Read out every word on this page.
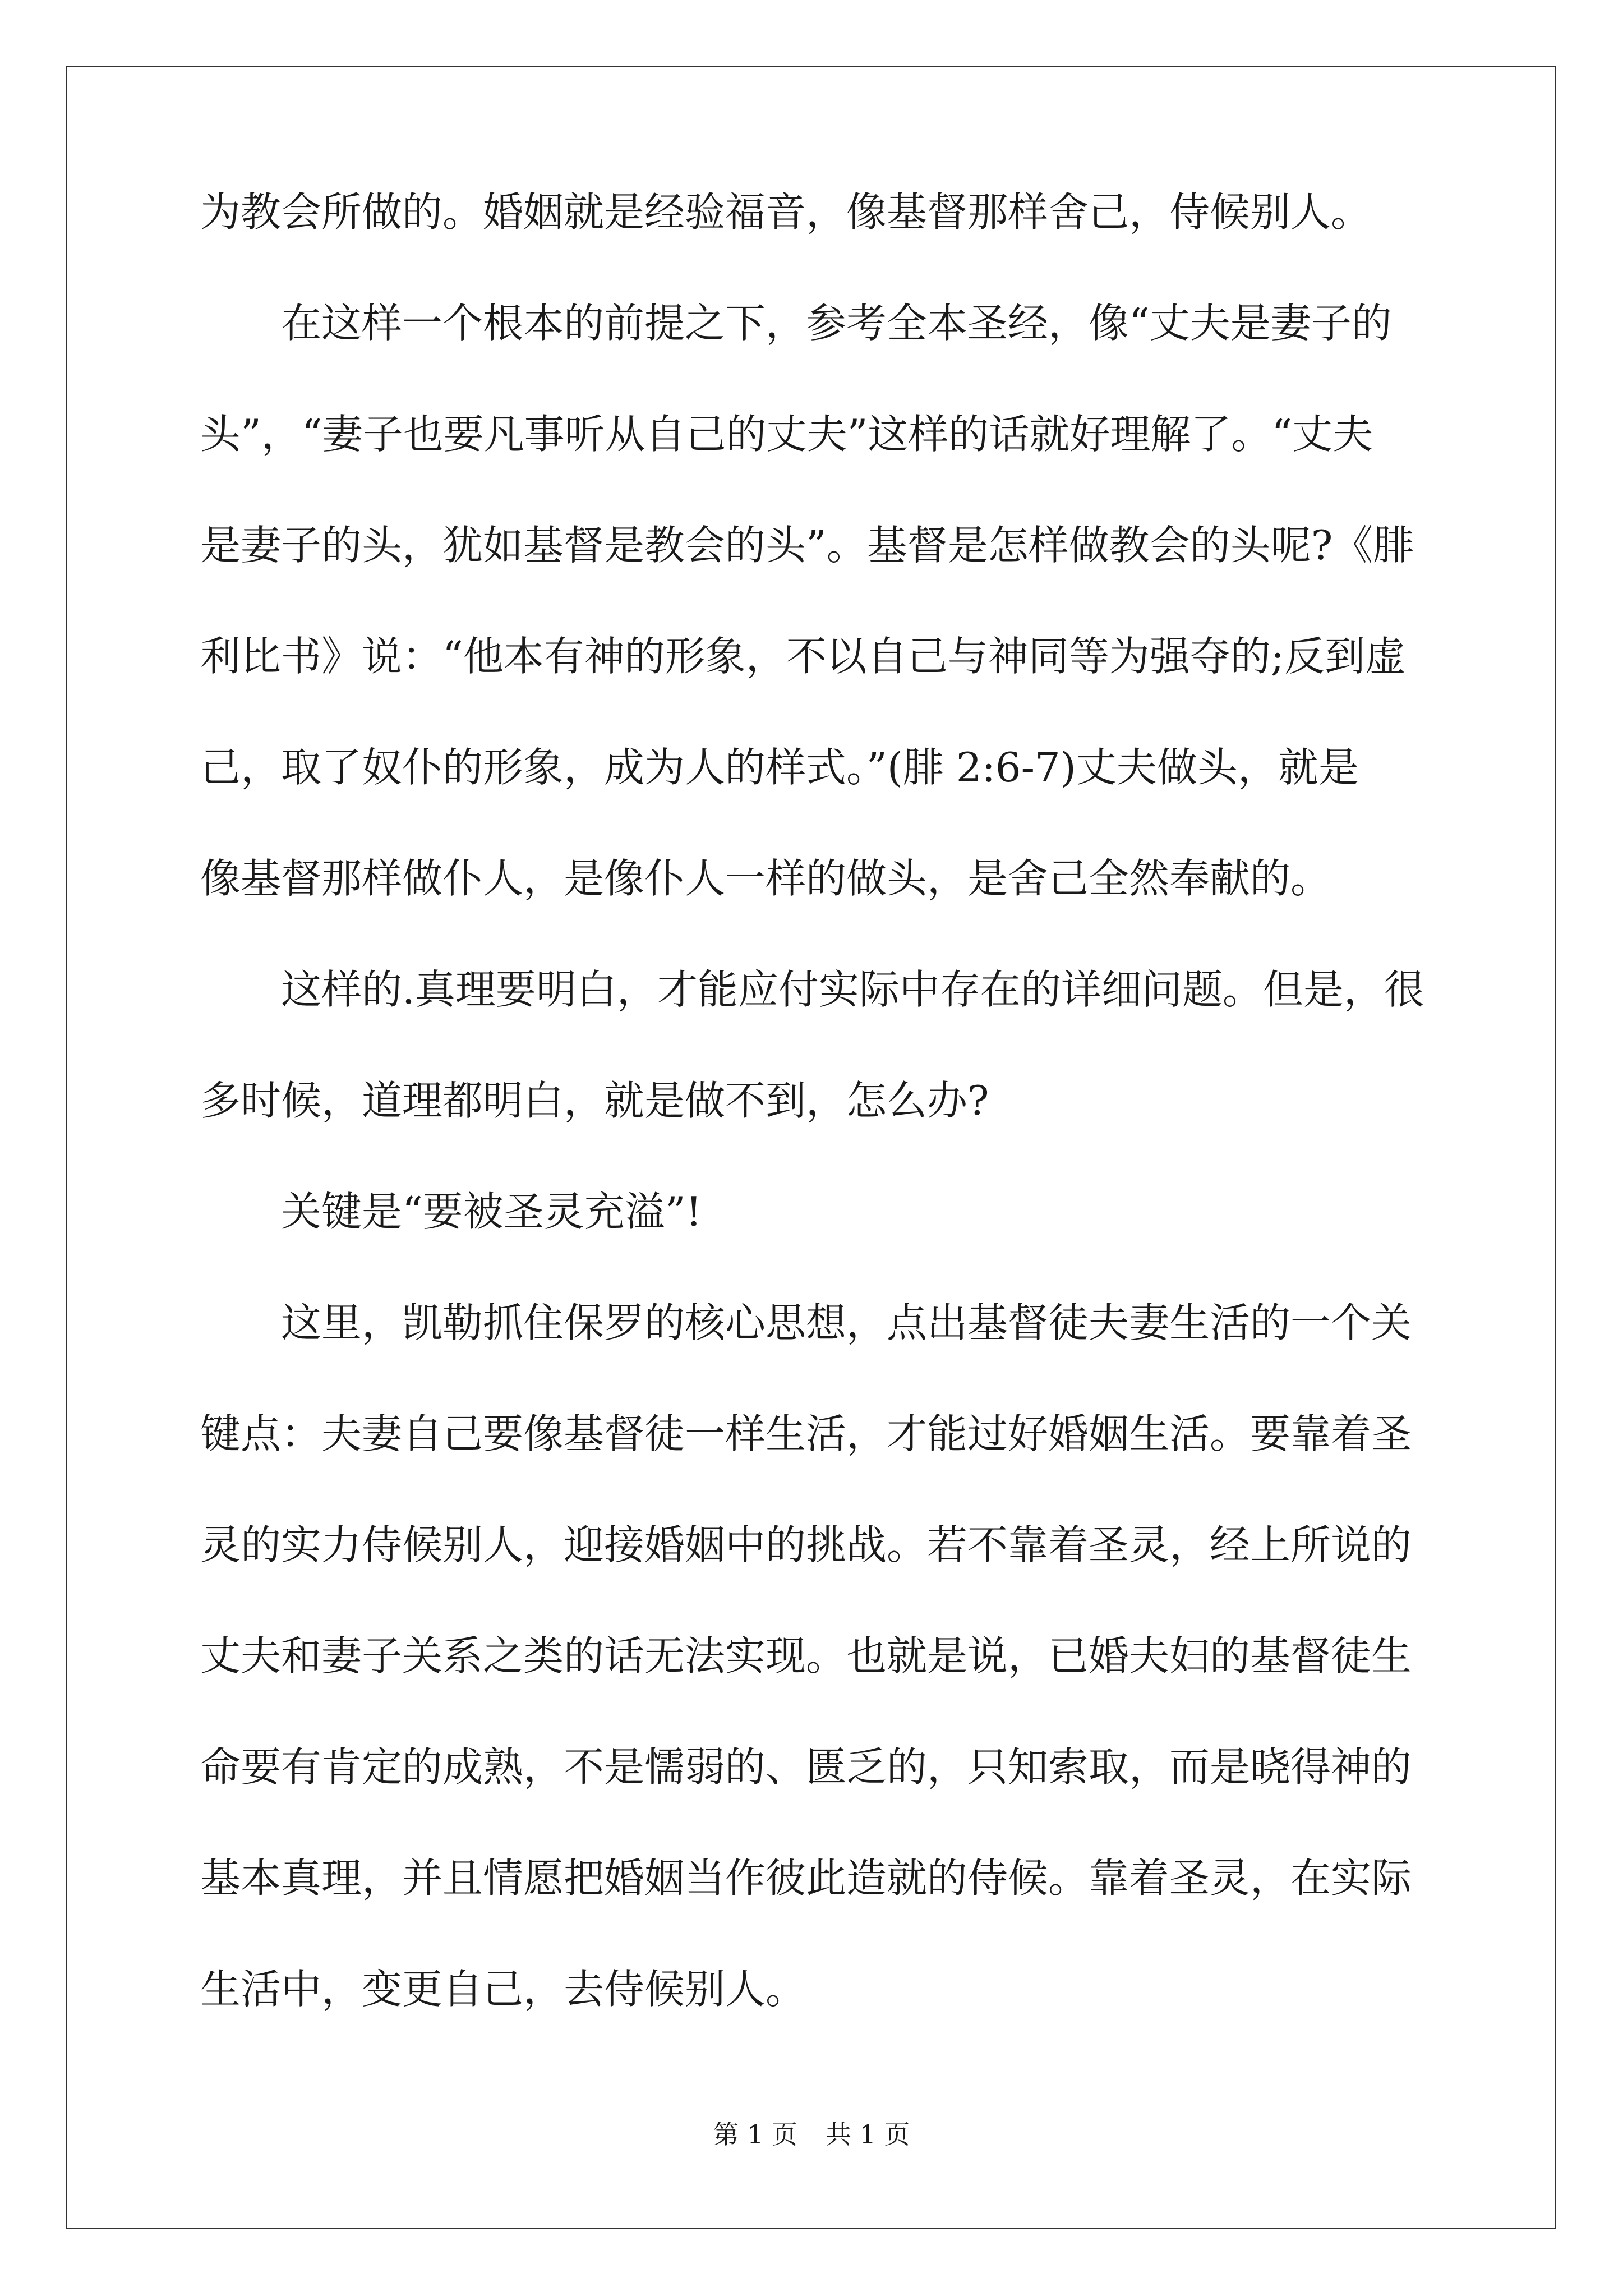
为教会所做的。婚姻就是经验福音，像基督那样舍己，侍候别人。
　　在这样一个根本的前提之下，参考全本圣经，像“丈夫是妻子的
头”，“妻子也要凡事听从自己的丈夫”这样的话就好理解了。“丈夫
是妻子的头，犹如基督是教会的头”。基督是怎样做教会的头呢?《腓
利比书》说：“他本有神的形象，不以自己与神同等为强夺的;反到虚
己，取了奴仆的形象，成为人的样式。”(腓 2:6-7)丈夫做头，就是
像基督那样做仆人，是像仆人一样的做头，是舍己全然奉献的。
　　这样的.真理要明白，才能应付实际中存在的详细问题。但是，很
多时候，道理都明白，就是做不到，怎么办?
　　关键是“要被圣灵充溢”!
　　这里，凯勒抓住保罗的核心思想，点出基督徒夫妻生活的一个关
键点：夫妻自己要像基督徒一样生活，才能过好婚姻生活。要靠着圣
灵的实力侍候别人，迎接婚姻中的挑战。若不靠着圣灵，经上所说的
丈夫和妻子关系之类的话无法实现。也就是说，已婚夫妇的基督徒生
命要有肯定的成熟，不是懦弱的、匮乏的，只知索取，而是晓得神的
基本真理，并且情愿把婚姻当作彼此造就的侍候。靠着圣灵，在实际
生活中，变更自己，去侍候别人。
第 1 页 共 1 页
